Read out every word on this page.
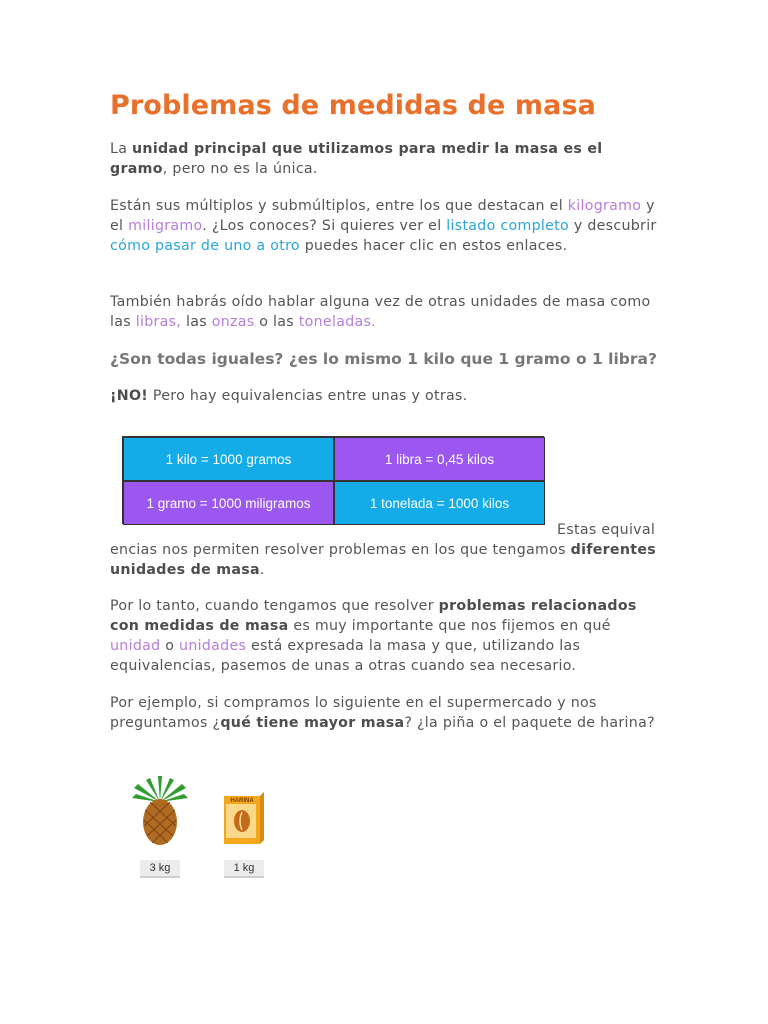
Problemas de medidas de masa

La unidad principal que utilizamos para medir la masa es el gramo, pero no es la única.

Están sus múltiplos y submúltiplos, entre los que destacan el kilogramo y el miligramo. ¿Los conoces? Si quieres ver el listado completo y descubrir cómo pasar de uno a otro puedes hacer clic en estos enlaces.

También habrás oído hablar alguna vez de otras unidades de masa como las libras, las onzas o las toneladas.

¿Son todas iguales? ¿es lo mismo 1 kilo que 1 gramo o 1 libra?

¡NO! Pero hay equivalencias entre unas y otras.

Estas equival

encias nos permiten resolver problemas en los que tengamos diferentes unidades de masa.

Por lo tanto, cuando tengamos que resolver problemas relacionados con medidas de masa es muy importante que nos fijemos en qué unidad o unidades está expresada la masa y que, utilizando las equivalencias, pasemos de unas a otras cuando sea necesario.

Por ejemplo, si compramos lo siguiente en el supermercado y nos preguntamos ¿qué tiene mayor masa? ¿la piña o el paquete de harina?

1 kilo = 1000 gramos	1 libra = 0,45 kilos
1 gramo = 1000 miligramos	1 tonelada = 1000 kilos
3 kg
HARINA
1 kg
